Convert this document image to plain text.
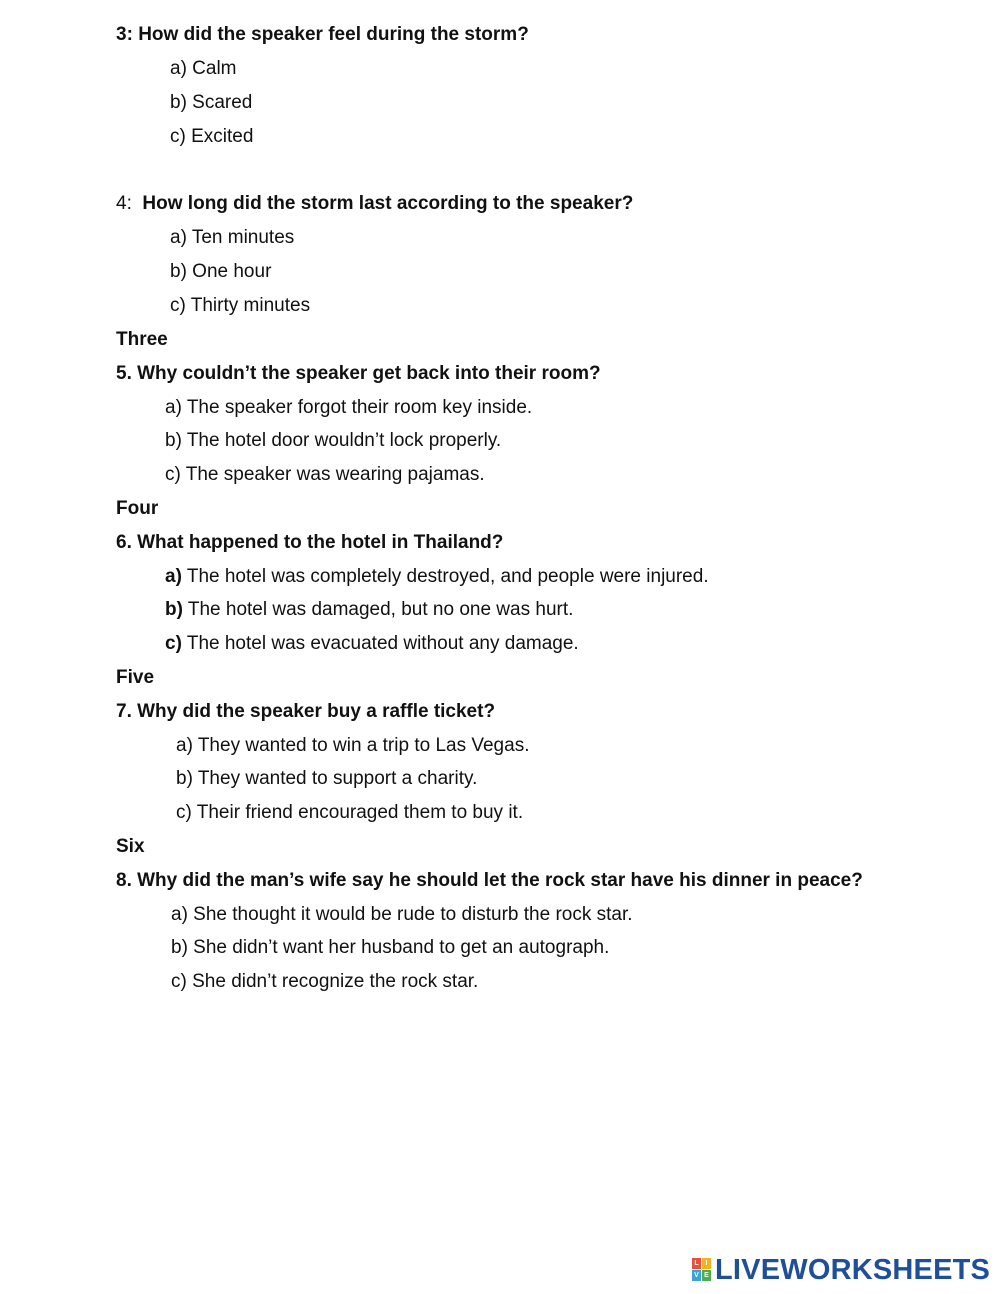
3: How did the speaker feel during the storm?
a) Calm
b) Scared
c) Excited
4: How long did the storm last according to the speaker?
a) Ten minutes
b) One hour
c) Thirty minutes
Three
5. Why couldn’t the speaker get back into their room?
a) The speaker forgot their room key inside.
b) The hotel door wouldn’t lock properly.
c) The speaker was wearing pajamas.
Four
6. What happened to the hotel in Thailand?
a) The hotel was completely destroyed, and people were injured.
b) The hotel was damaged, but no one was hurt.
c) The hotel was evacuated without any damage.
Five
7. Why did the speaker buy a raffle ticket?
a) They wanted to win a trip to Las Vegas.
b) They wanted to support a charity.
c) Their friend encouraged them to buy it.
Six
8. Why did the man’s wife say he should let the rock star have his dinner in peace?
a) She thought it would be rude to disturb the rock star.
b) She didn’t want her husband to get an autograph.
c) She didn’t recognize the rock star.
L I
V E LIVEWORKSHEETS
